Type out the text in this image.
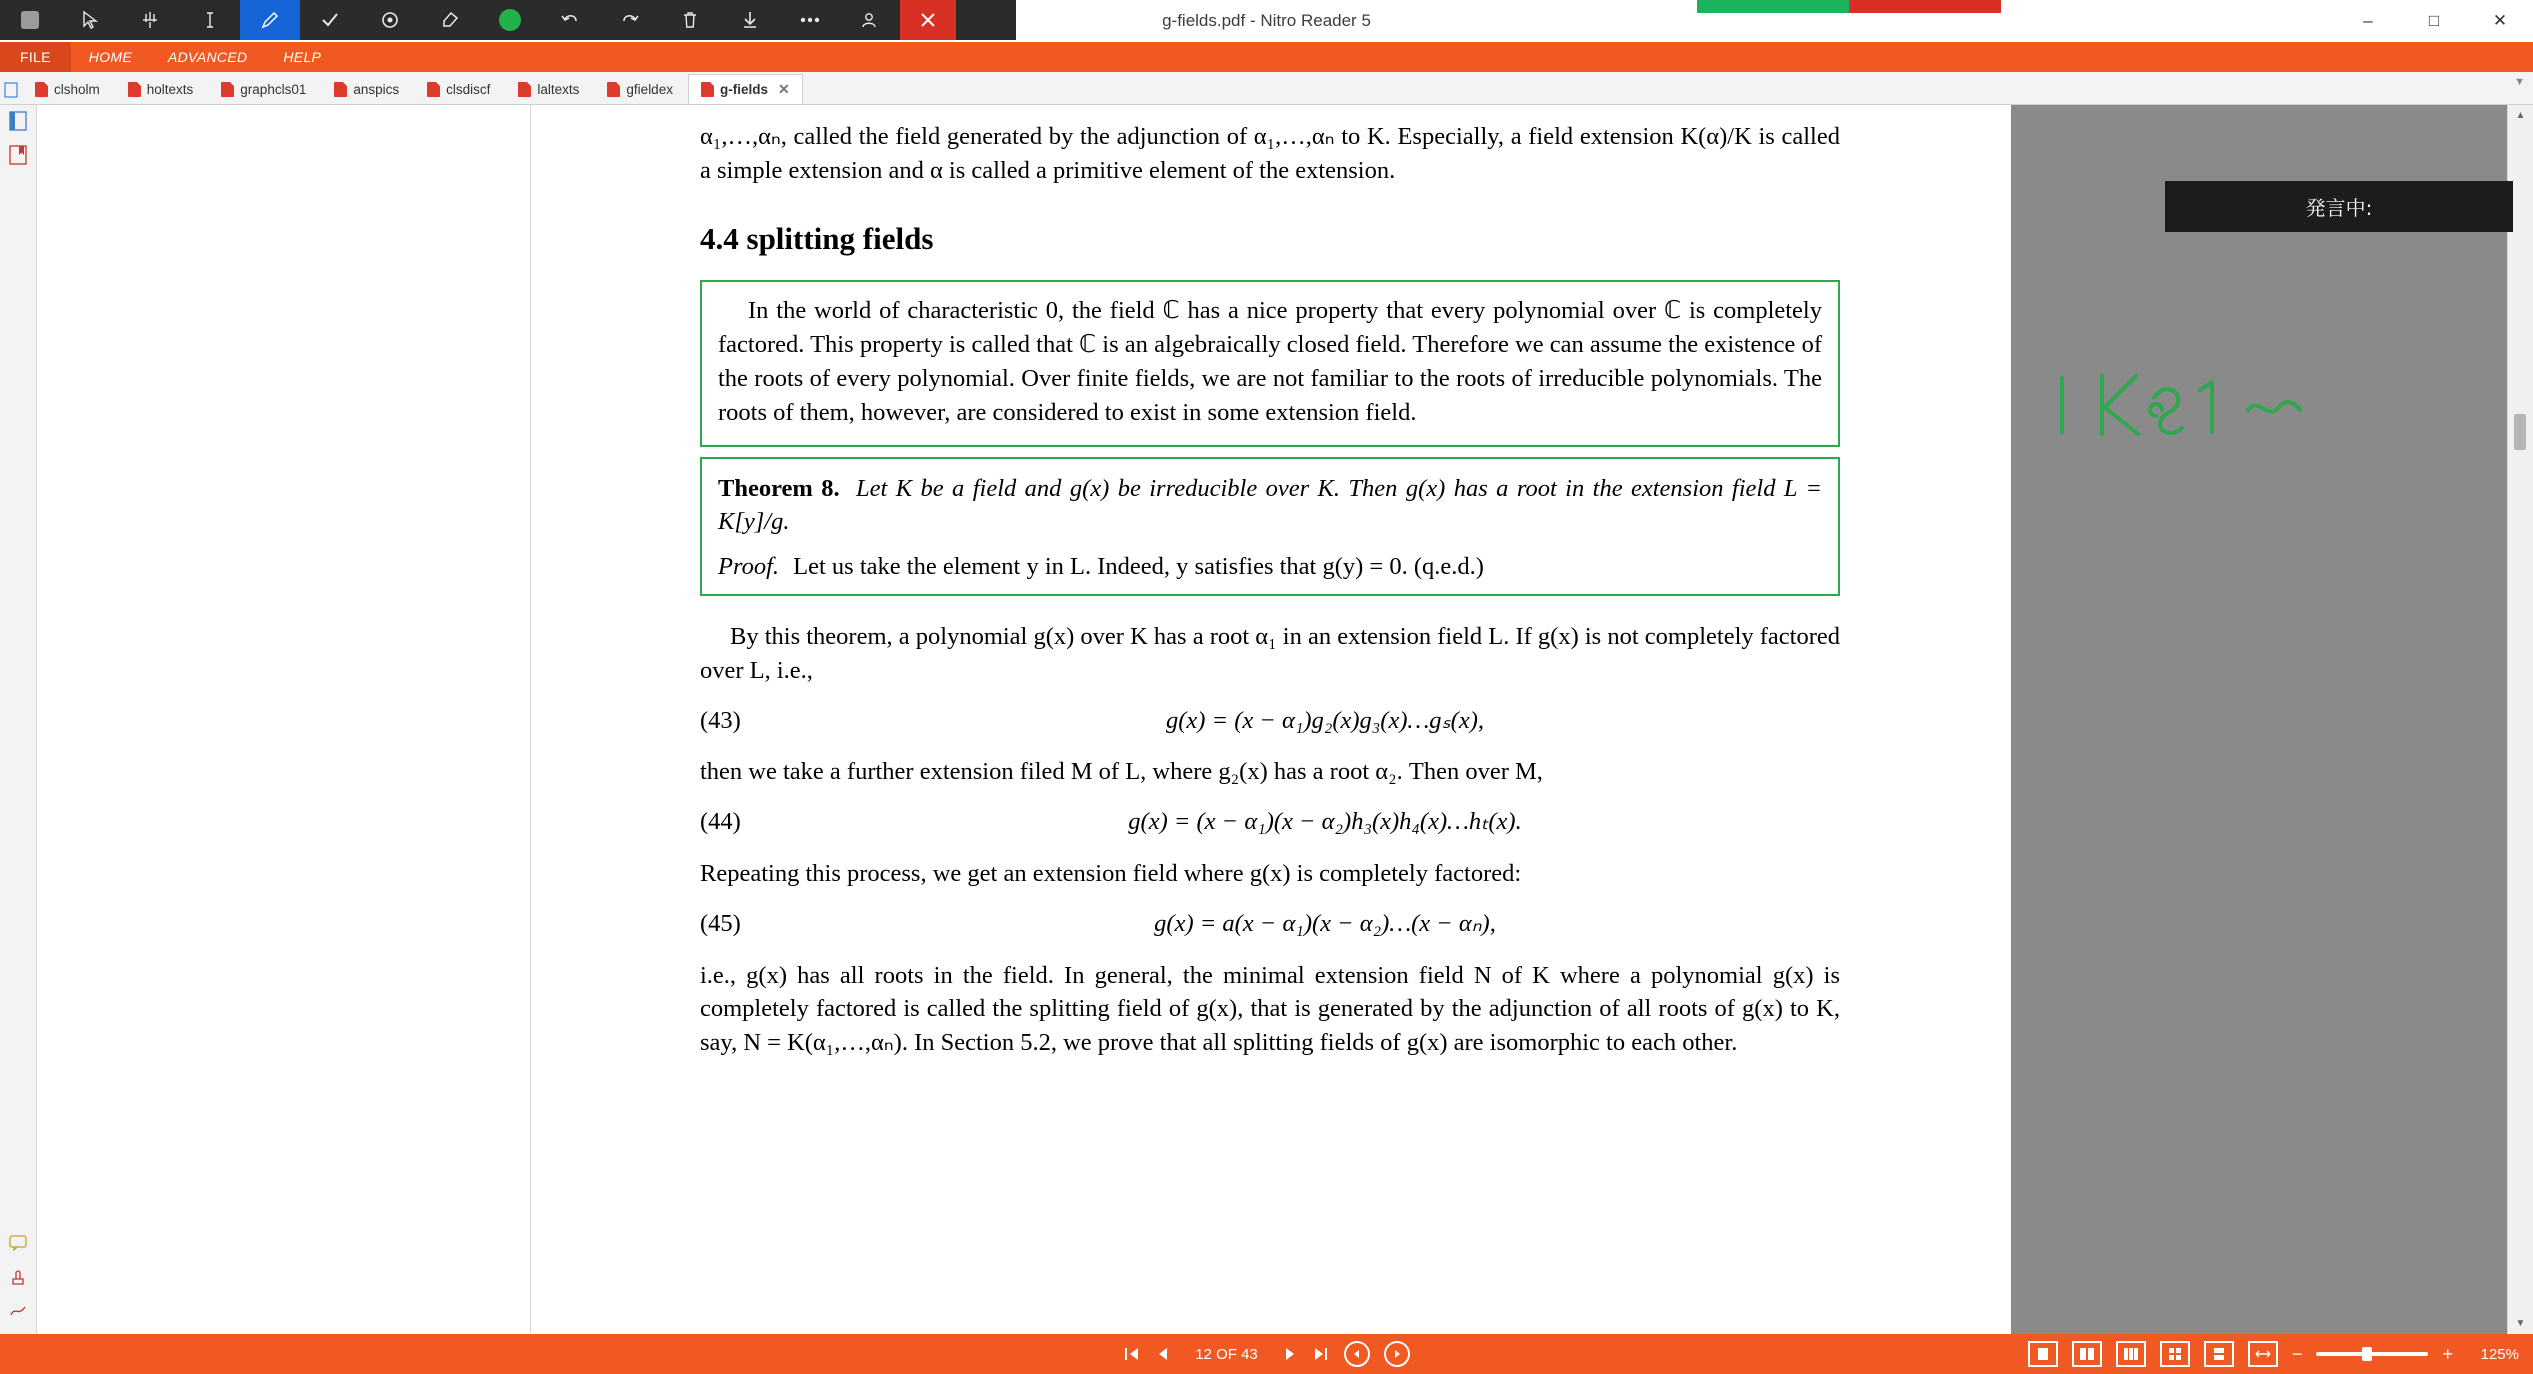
g-fields.pdf - Nitro Reader 5	–	□	✕
FILE	HOME	ADVANCED	HELP
clsholm	holtexts	graphcls01	anspics	clsdiscf	laltexts	gfieldex	g-fields ✕	▼

α₁,…,αₙ, called the field generated by the adjunction of α₁,…,αₙ to K. Especially, a field extension K(α)/K is called a simple extension and α is called a primitive element of the extension.

4.4 splitting fields

In the world of characteristic 0, the field ℂ has a nice property that every polynomial over ℂ is completely factored. This property is called that ℂ is an algebraically closed field. Therefore we can assume the existence of the roots of every polynomial. Over finite fields, we are not familiar to the roots of irreducible polynomials. The roots of them, however, are considered to exist in some extension field.

Theorem 8. Let K be a field and g(x) be irreducible over K. Then g(x) has a root in the extension field L = K[y]/g.

Proof. Let us take the element y in L. Indeed, y satisfies that g(y) = 0. (q.e.d.)

By this theorem, a polynomial g(x) over K has a root α₁ in an extension field L. If g(x) is not completely factored over L, i.e.,

(43)	g(x) = (x − α₁)g₂(x)g₃(x)…gₛ(x),

then we take a further extension filed M of L, where g₂(x) has a root α₂. Then over M,

(44)	g(x) = (x − α₁)(x − α₂)h₃(x)h₄(x)…hₜ(x).

Repeating this process, we get an extension field where g(x) is completely factored:

(45)	g(x) = a(x − α₁)(x − α₂)…(x − αₙ),

i.e., g(x) has all roots in the field. In general, the minimal extension field N of K where a polynomial g(x) is completely factored is called the splitting field of g(x), that is generated by the adjunction of all roots of g(x) to K, say, N = K(α₁,…,αₙ). In Section 5.2, we prove that all splitting fields of g(x) are isomorphic to each other.

▲
▼
発言中:
12 OF 43	−	+	125%
